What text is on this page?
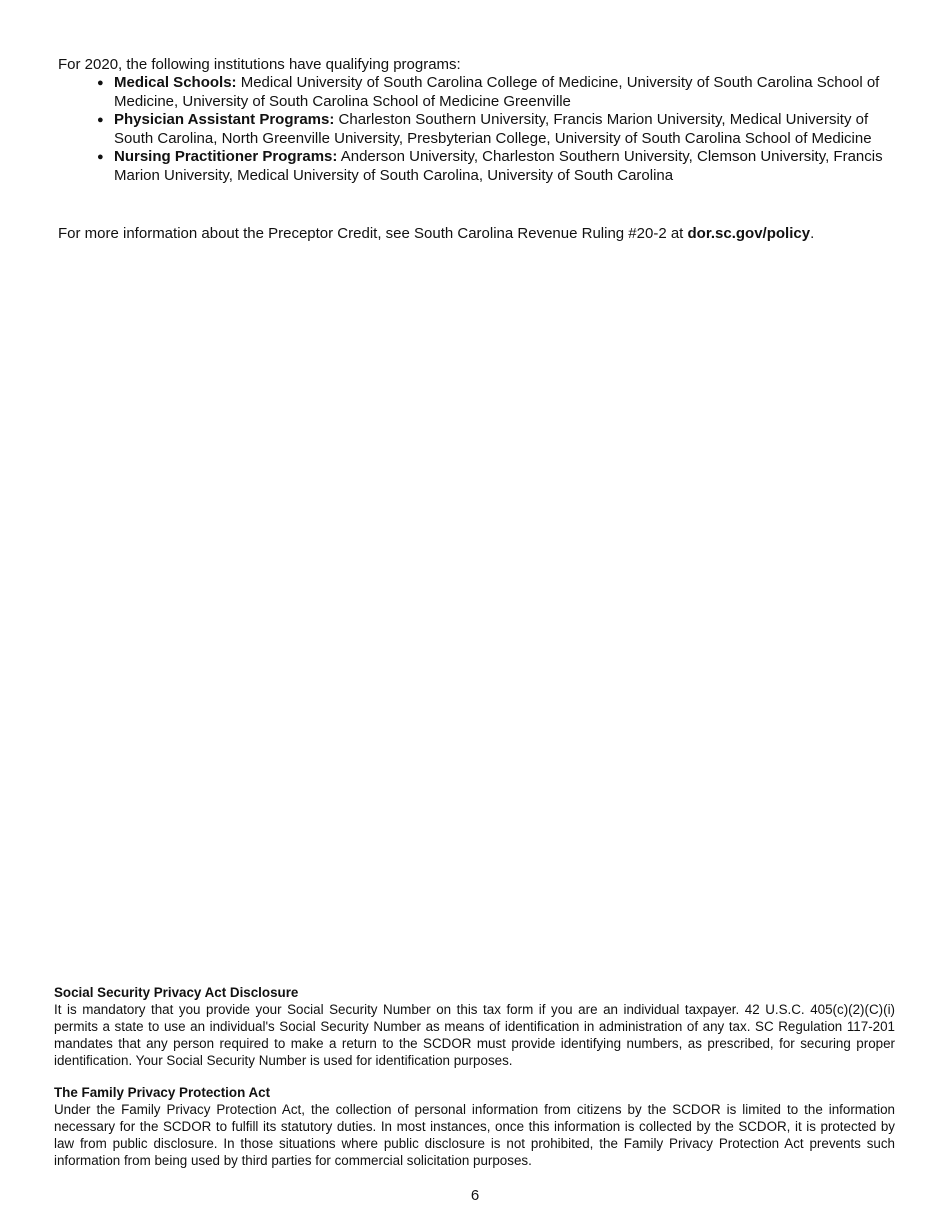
For 2020, the following institutions have qualifying programs:

● Medical Schools: Medical University of South Carolina College of Medicine, University of South Carolina School of Medicine, University of South Carolina School of Medicine Greenville
● Physician Assistant Programs: Charleston Southern University, Francis Marion University, Medical University of South Carolina, North Greenville University, Presbyterian College, University of South Carolina School of Medicine
● Nursing Practitioner Programs: Anderson University, Charleston Southern University, Clemson University, Francis Marion University, Medical University of South Carolina, University of South Carolina

For more information about the Preceptor Credit, see South Carolina Revenue Ruling #20-2 at dor.sc.gov/policy.

Social Security Privacy Act Disclosure

It is mandatory that you provide your Social Security Number on this tax form if you are an individual taxpayer. 42 U.S.C. 405(c)(2)(C)(i) permits a state to use an individual's Social Security Number as means of identification in administration of any tax. SC Regulation 117-201 mandates that any person required to make a return to the SCDOR must provide identifying numbers, as prescribed, for securing proper identification. Your Social Security Number is used for identification purposes.

The Family Privacy Protection Act

Under the Family Privacy Protection Act, the collection of personal information from citizens by the SCDOR is limited to the information necessary for the SCDOR to fulfill its statutory duties. In most instances, once this information is collected by the SCDOR, it is protected by law from public disclosure. In those situations where public disclosure is not prohibited, the Family Privacy Protection Act prevents such information from being used by third parties for commercial solicitation purposes.

6
